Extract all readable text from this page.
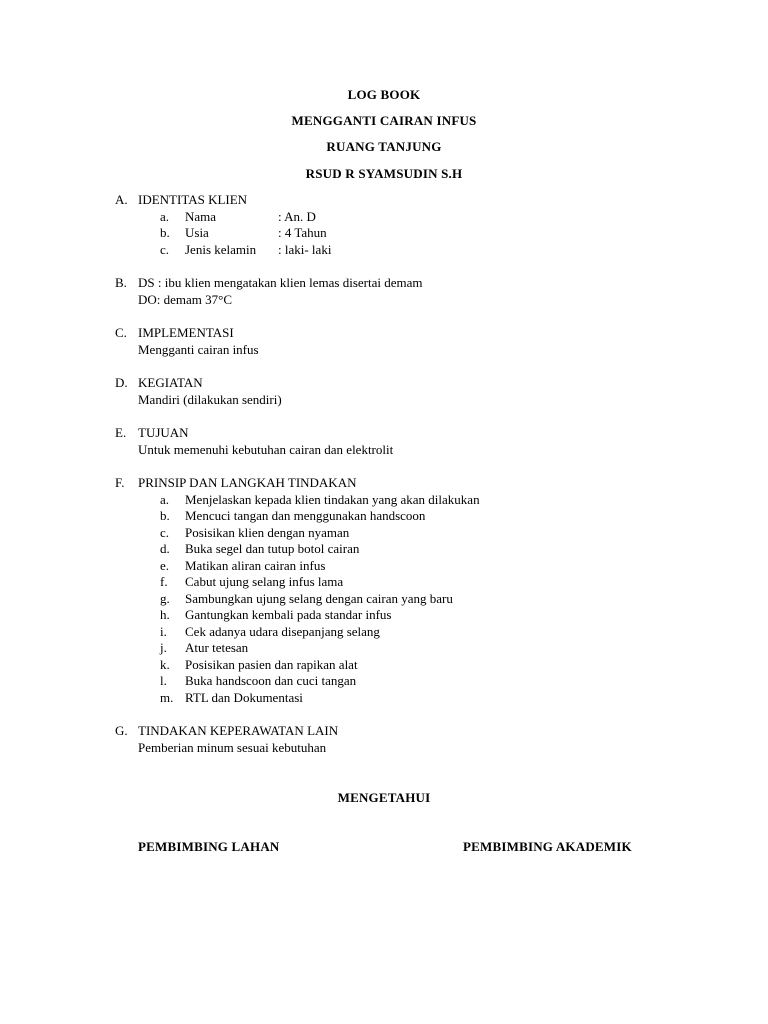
LOG BOOK
MENGGANTI CAIRAN INFUS
RUANG TANJUNG
RSUD R SYAMSUDIN S.H
A. IDENTITAS KLIEN
a.	Nama	: An. D
b.	Usia	: 4 Tahun
c.	Jenis kelamin : laki- laki
B. DS : ibu klien mengatakan klien lemas disertai demam
DO: demam 37°C
C. IMPLEMENTASI
Mengganti cairan infus
D. KEGIATAN
Mandiri (dilakukan sendiri)
E. TUJUAN
Untuk memenuhi kebutuhan cairan dan elektrolit
F. PRINSIP DAN LANGKAH TINDAKAN
a.	Menjelaskan kepada klien tindakan yang akan dilakukan
b.	Mencuci tangan dan menggunakan handscoon
c.	Posisikan klien dengan nyaman
d.	Buka segel dan tutup botol cairan
e.	Matikan aliran cairan infus
f.	Cabut ujung selang infus lama
g.	Sambungkan ujung selang dengan cairan yang baru
h.	Gantungkan kembali pada standar infus
i.	Cek adanya udara disepanjang selang
j.	Atur tetesan
k.	Posisikan pasien dan rapikan alat
l.	Buka handscoon dan cuci tangan
m. RTL dan Dokumentasi
G. TINDAKAN KEPERAWATAN LAIN
Pemberian minum sesuai kebutuhan
MENGETAHUI
PEMBIMBING LAHAN	PEMBIMBING AKADEMIK
